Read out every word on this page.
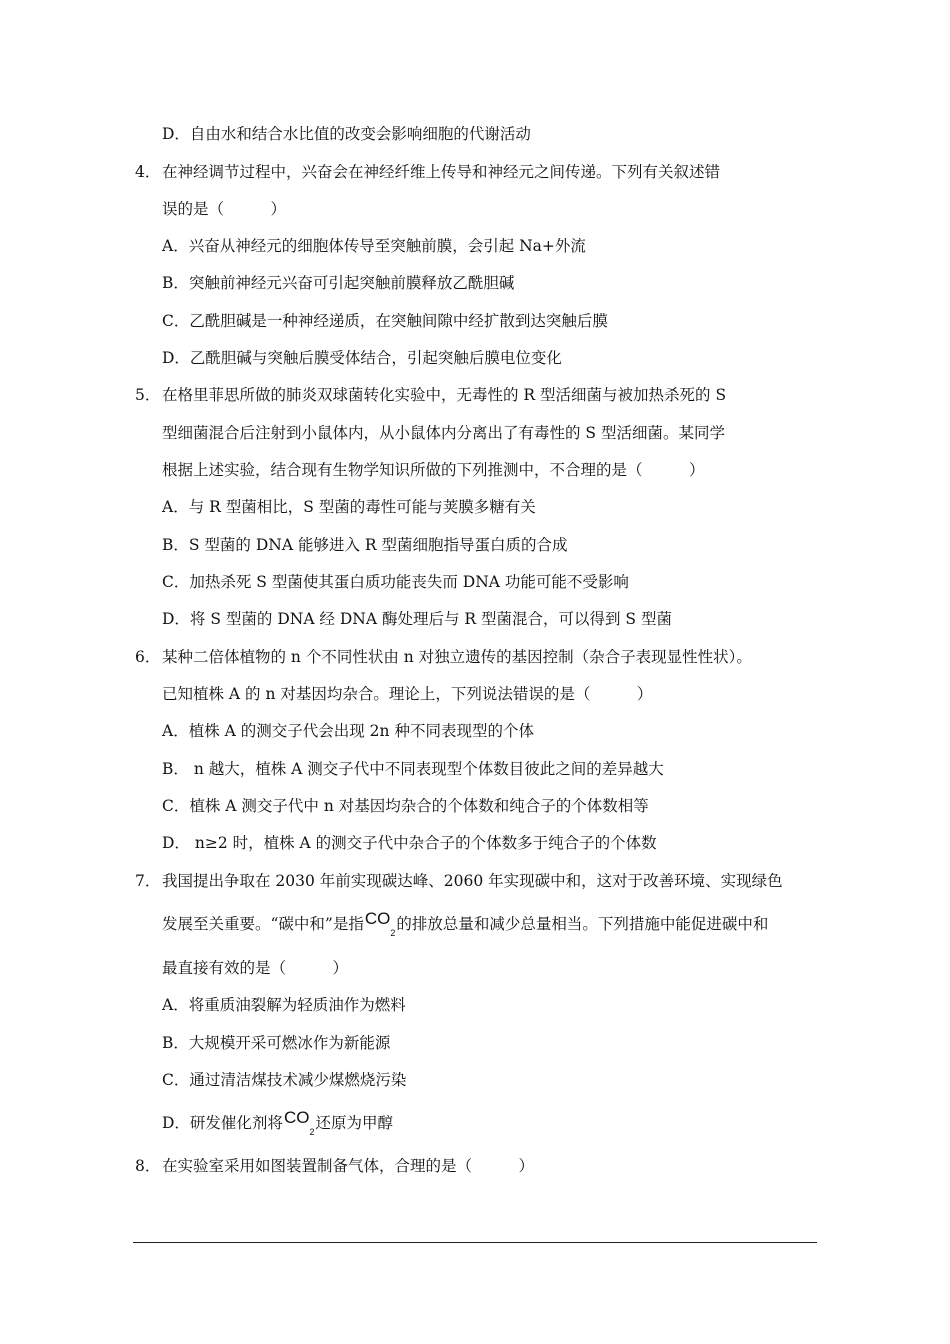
D．自由水和结合水比值的改变会影响细胞的代谢活动
4． 在神经调节过程中，兴奋会在神经纤维上传导和神经元之间传递。下列有关叙述错
误的是（　　　）
A．兴奋从神经元的细胞体传导至突触前膜，会引起 Na+外流
B．突触前神经元兴奋可引起突触前膜释放乙酰胆碱
C．乙酰胆碱是一种神经递质，在突触间隙中经扩散到达突触后膜
D．乙酰胆碱与突触后膜受体结合，引起突触后膜电位变化
5． 在格里菲思所做的肺炎双球菌转化实验中，无毒性的 R 型活细菌与被加热杀死的 S
型细菌混合后注射到小鼠体内，从小鼠体内分离出了有毒性的 S 型活细菌。某同学
根据上述实验，结合现有生物学知识所做的下列推测中，不合理的是（　　　）
A．与 R 型菌相比，S 型菌的毒性可能与荚膜多糖有关
B．S 型菌的 DNA 能够进入 R 型菌细胞指导蛋白质的合成
C．加热杀死 S 型菌使其蛋白质功能丧失而 DNA 功能可能不受影响
D．将 S 型菌的 DNA 经 DNA 酶处理后与 R 型菌混合，可以得到 S 型菌
6． 某种二倍体植物的 n 个不同性状由 n 对独立遗传的基因控制（杂合子表现显性性状）。
已知植株 A 的 n 对基因均杂合。理论上，下列说法错误的是（　　　）
A．植株 A 的测交子代会出现 2n 种不同表现型的个体
B． n 越大，植株 A 测交子代中不同表现型个体数目彼此之间的差异越大
C．植株 A 测交子代中 n 对基因均杂合的个体数和纯合子的个体数相等
D． n≥2 时，植株 A 的测交子代中杂合子的个体数多于纯合子的个体数
7． 我国提出争取在 2030 年前实现碳达峰、2060 年实现碳中和，这对于改善环境、实现绿色
发展至关重要。“碳中和”是指$CO_2$的排放总量和减少总量相当。下列措施中能促进碳中和
最直接有效的是（　　　）
A．将重质油裂解为轻质油作为燃料
B．大规模开采可燃冰作为新能源
C．通过清洁煤技术减少煤燃烧污染
D．研发催化剂将$CO_2$还原为甲醇
8． 在实验室采用如图装置制备气体，合理的是（　　　）
